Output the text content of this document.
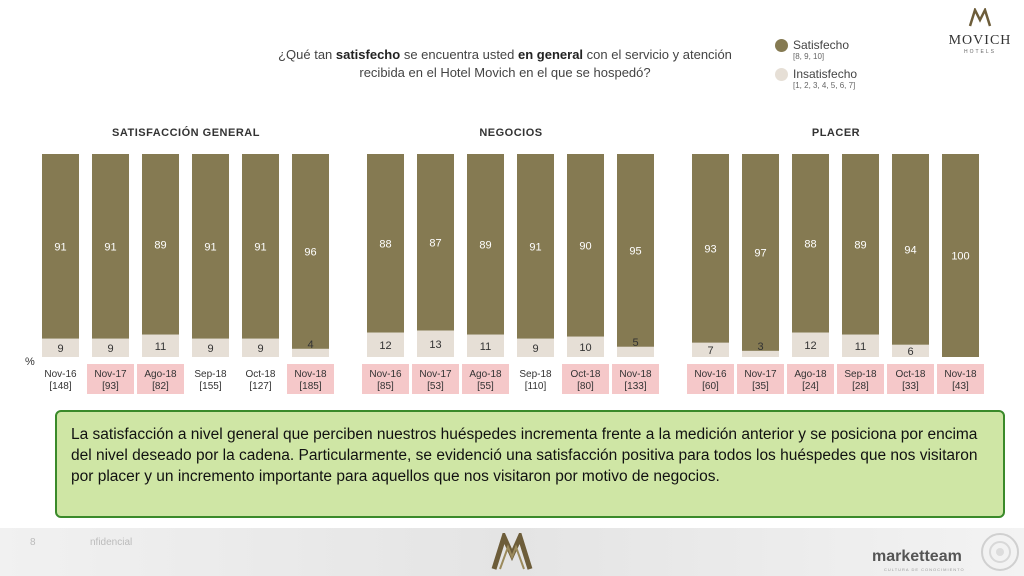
¿Qué tan satisfecho se encuentra usted en general con el servicio y atención recibida en el Hotel Movich en el que se hospedó?
MOVICH
HOTELS
Satisfecho
[8, 9, 10]
Insatisfecho
[1, 2, 3, 4, 5, 6, 7]
SATISFACCIÓN GENERAL	NEGOCIOS	PLACER
91
9
Nov-16
[148]
91
9
Nov-17
[93]
89
11
Ago-18
[82]
91
9
Sep-18
[155]
91
9
Oct-18
[127]
96
4
Nov-18
[185]
88
12
Nov-16
[85]
87
13
Nov-17
[53]
89
11
Ago-18
[55]
91
9
Sep-18
[110]
90
10
Oct-18
[80]
95
5
Nov-18
[133]
93
7
Nov-16
[60]
97
3
Nov-17
[35]
88
12
Ago-18
[24]
89
11
Sep-18
[28]
94
6
Oct-18
[33]
100
Nov-18
[43]
%
La satisfacción a nivel general que perciben nuestros huéspedes incrementa frente a la medición anterior y se posiciona por encima del nivel deseado por la cadena. Particularmente, se evidenció una satisfacción positiva para todos los huéspedes que nos visitaron por placer y un incremento importante para aquellos que nos visitaron por motivo de negocios.
8	nfidencial
marketteam
CULTURA DE CONOCIMIENTO
